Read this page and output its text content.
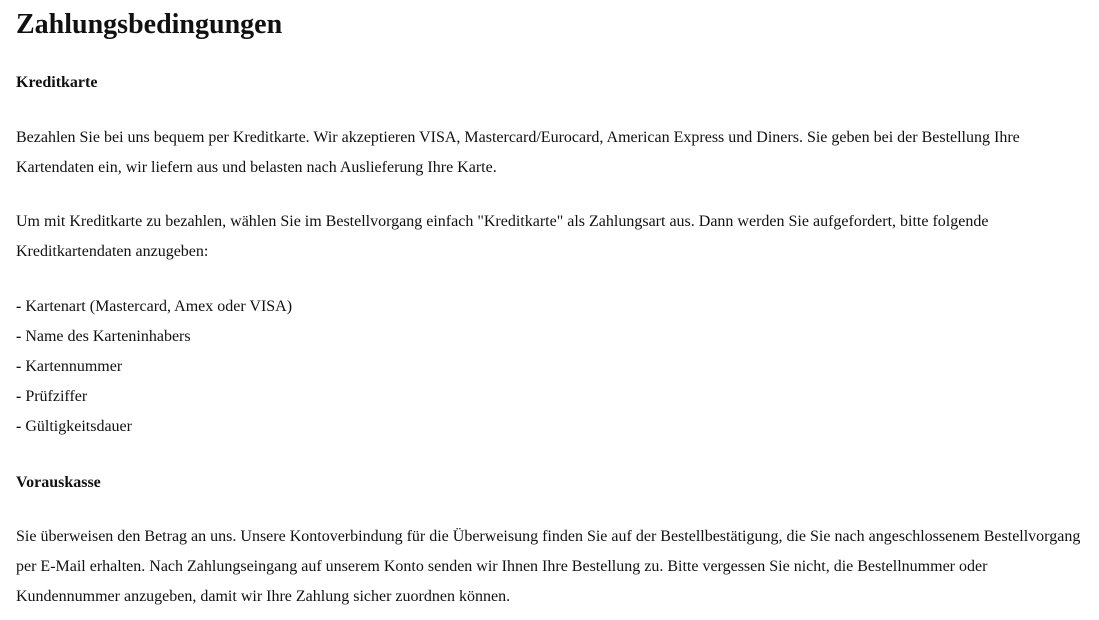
Zahlungsbedingungen

Kreditkarte

Bezahlen Sie bei uns bequem per Kreditkarte. Wir akzeptieren VISA, Mastercard/Eurocard, American Express und Diners. Sie geben bei der Bestellung Ihre Kartendaten ein, wir liefern aus und belasten nach Auslieferung Ihre Karte.

Um mit Kreditkarte zu bezahlen, wählen Sie im Bestellvorgang einfach "Kreditkarte" als Zahlungsart aus. Dann werden Sie aufgefordert, bitte folgende Kreditkartendaten anzugeben:

- Kartenart (Mastercard, Amex oder VISA)
- Name des Karteninhabers
- Kartennummer
- Prüfziffer
- Gültigkeitsdauer

Vorauskasse

Sie überweisen den Betrag an uns. Unsere Kontoverbindung für die Überweisung finden Sie auf der Bestellbestätigung, die Sie nach angeschlossenem Bestellvorgang per E-Mail erhalten. Nach Zahlungseingang auf unserem Konto senden wir Ihnen Ihre Bestellung zu. Bitte vergessen Sie nicht, die Bestellnummer oder Kundennummer anzugeben, damit wir Ihre Zahlung sicher zuordnen können.
